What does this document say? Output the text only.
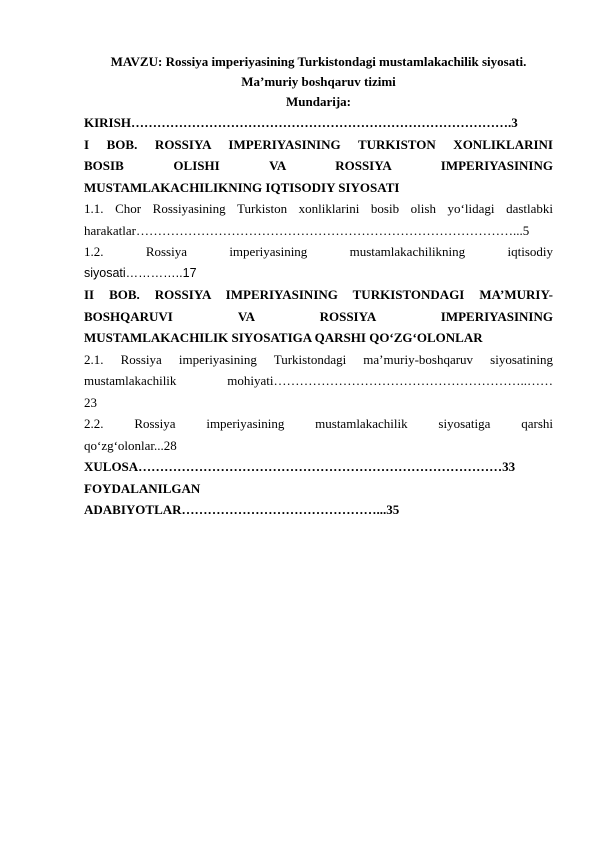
MAVZU: Rossiya imperiyasining Turkistondagi mustamlakachilik siyosati.
Ma’muriy boshqaruv tizimi
Mundarija:
KIRISH…………………………………………………………………………….3
I BOB. ROSSIYA IMPERIYASINING TURKISTON XONLIKLARINI
BOSIB OLISHI VA ROSSIYA IMPERIYASINING
MUSTAMLAKACHILIKNING IQTISODIY SIYOSATI
1.1. Chor Rossiyasining Turkiston xonliklarini bosib olish yo‘lidagi dastlabki
harakatlar……………………………………………………………………………...5
1.2. Rossiya imperiyasining mustamlakachilikning iqtisodiy
siyosati…………..17
II BOB. ROSSIYA IMPERIYASINING TURKISTONDAGI MA’MURIY-
BOSHQARUVI VA ROSSIYA IMPERIYASINING
MUSTAMLAKACHILIK SIYOSATIGA QARSHI QO‘ZG‘OLONLAR
2.1. Rossiya imperiyasining Turkistondagi ma’muriy-boshqaruv siyosatining
mustamlakachilik mohiyati…………………………………………………..……
23
2.2. Rossiya imperiyasining mustamlakachilik siyosatiga qarshi
qo‘zg‘olonlar...28
XULOSA…………………………………………………………………………33
FOYDALANILGAN
ADABIYOTLAR………………………………………...35
